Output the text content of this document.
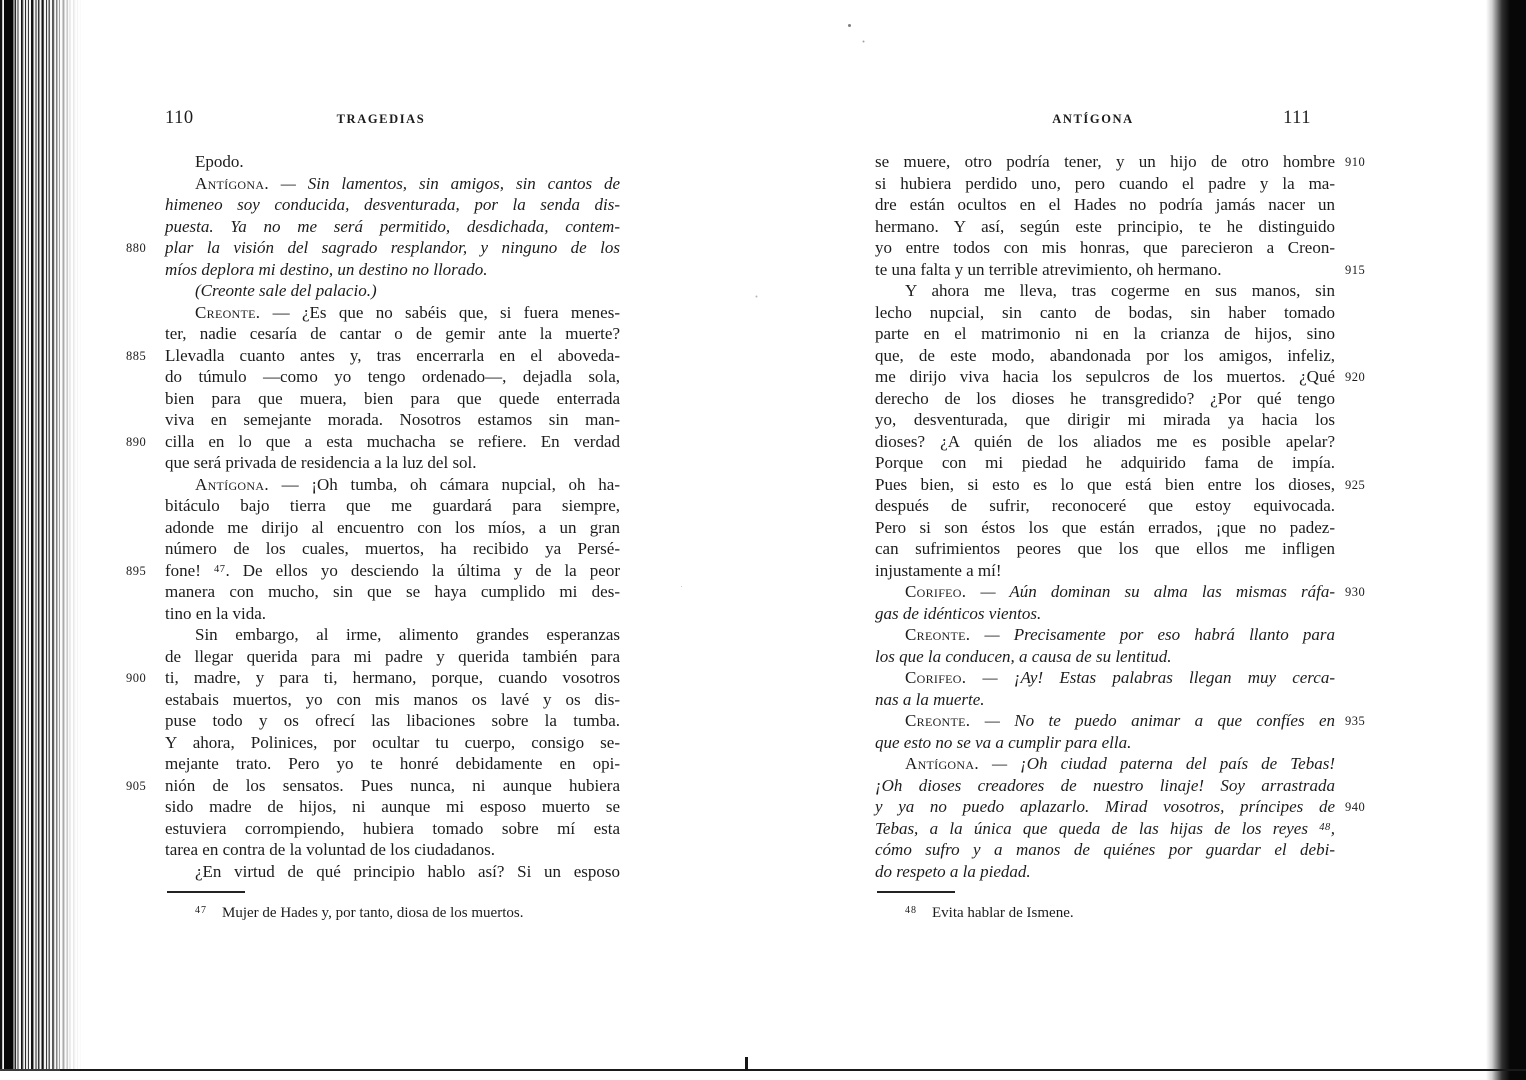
110	TRAGEDIAS
Epodo.
Antígona. — Sin lamentos, sin amigos, sin cantos de
himeneo soy conducida, desventurada, por la senda dis-
puesta. Ya no me será permitido, desdichada, contem-
880	plar la visión del sagrado resplandor, y ninguno de los
míos deplora mi destino, un destino no llorado.
(Creonte sale del palacio.)
Creonte. — ¿Es que no sabéis que, si fuera menes-
ter, nadie cesaría de cantar o de gemir ante la muerte?
885	Llevadla cuanto antes y, tras encerrarla en el aboveda-
do túmulo —como yo tengo ordenado—, dejadla sola,
bien para que muera, bien para que quede enterrada
viva en semejante morada. Nosotros estamos sin man-
890	cilla en lo que a esta muchacha se refiere. En verdad
que será privada de residencia a la luz del sol.
Antígona. — ¡Oh tumba, oh cámara nupcial, oh ha-
bitáculo bajo tierra que me guardará para siempre,
adonde me dirijo al encuentro con los míos, a un gran
número de los cuales, muertos, ha recibido ya Persé-
895	fone! $^{47}$. De ellos yo desciendo la última y de la peor
manera con mucho, sin que se haya cumplido mi des-
tino en la vida.
Sin embargo, al irme, alimento grandes esperanzas
de llegar querida para mi padre y querida también para
900	ti, madre, y para ti, hermano, porque, cuando vosotros
estabais muertos, yo con mis manos os lavé y os dis-
puse todo y os ofrecí las libaciones sobre la tumba.
Y ahora, Polinices, por ocultar tu cuerpo, consigo se-
mejante trato. Pero yo te honré debidamente en opi-
905	nión de los sensatos. Pues nunca, ni aunque hubiera
sido madre de hijos, ni aunque mi esposo muerto se
estuviera corrompiendo, hubiera tomado sobre mí esta
tarea en contra de la voluntad de los ciudadanos.
¿En virtud de qué principio hablo así? Si un esposo
$^{47}$ Mujer de Hades y, por tanto, diosa de los muertos.
ANTÍGONA	111
910
se muere, otro podría tener, y un hijo de otro hombre
si hubiera perdido uno, pero cuando el padre y la ma-
dre están ocultos en el Hades no podría jamás nacer un
hermano. Y así, según este principio, te he distinguido
yo entre todos con mis honras, que parecieron a Creon-
915
te una falta y un terrible atrevimiento, oh hermano.
Y ahora me lleva, tras cogerme en sus manos, sin
lecho nupcial, sin canto de bodas, sin haber tomado
parte en el matrimonio ni en la crianza de hijos, sino
que, de este modo, abandonada por los amigos, infeliz,
920
me dirijo viva hacia los sepulcros de los muertos. ¿Qué
derecho de los dioses he transgredido? ¿Por qué tengo
yo, desventurada, que dirigir mi mirada ya hacia los
dioses? ¿A quién de los aliados me es posible apelar?
Porque con mi piedad he adquirido fama de impía.
925
Pues bien, si esto es lo que está bien entre los dioses,
después de sufrir, reconoceré que estoy equivocada.
Pero si son éstos los que están errados, ¡que no padez-
can sufrimientos peores que los que ellos me infligen
injustamente a mí!
930
Corifeo. — Aún dominan su alma las mismas ráfa-
gas de idénticos vientos.
Creonte. — Precisamente por eso habrá llanto para
los que la conducen, a causa de su lentitud.
Corifeo. — ¡Ay! Estas palabras llegan muy cerca-
nas a la muerte.
935
Creonte. — No te puedo animar a que confíes en
que esto no se va a cumplir para ella.
Antígona. — ¡Oh ciudad paterna del país de Tebas!
¡Oh dioses creadores de nuestro linaje! Soy arrastrada
940
y ya no puedo aplazarlo. Mirad vosotros, príncipes de
Tebas, a la única que queda de las hijas de los reyes $^{48}$,
cómo sufro y a manos de quiénes por guardar el debi-
do respeto a la piedad.
$^{48}$ Evita hablar de Ismene.
